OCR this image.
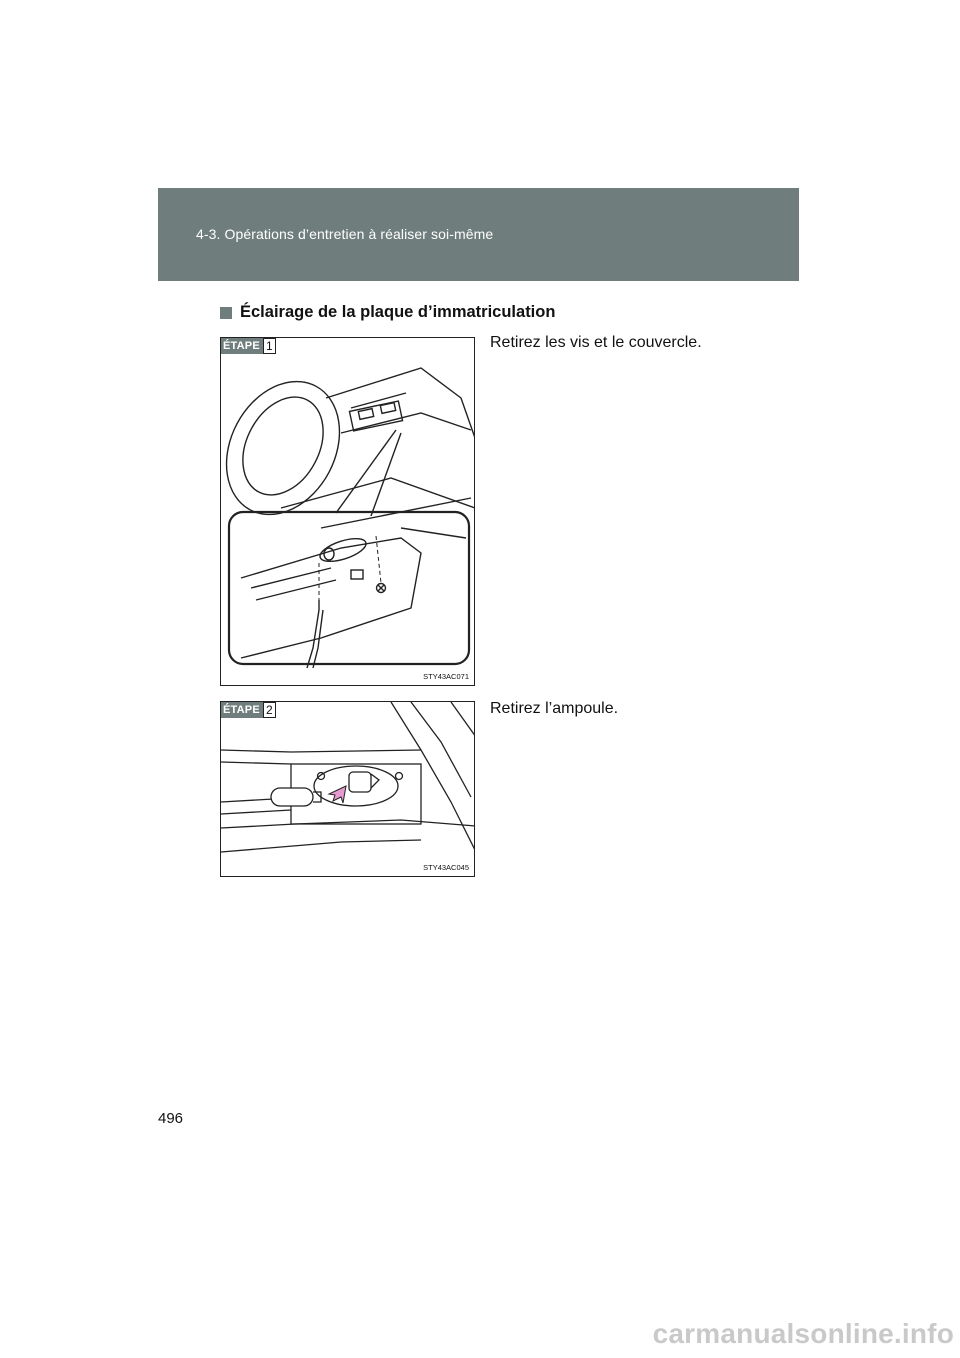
4-3. Opérations d’entretien à réaliser soi-même
Éclairage de la plaque d’immatriculation
ÉTAPE 1
STY43AC071
Retirez les vis et le couvercle.
ÉTAPE 2
STY43AC045
Retirez l’ampoule.
496
carmanualsonline.info
